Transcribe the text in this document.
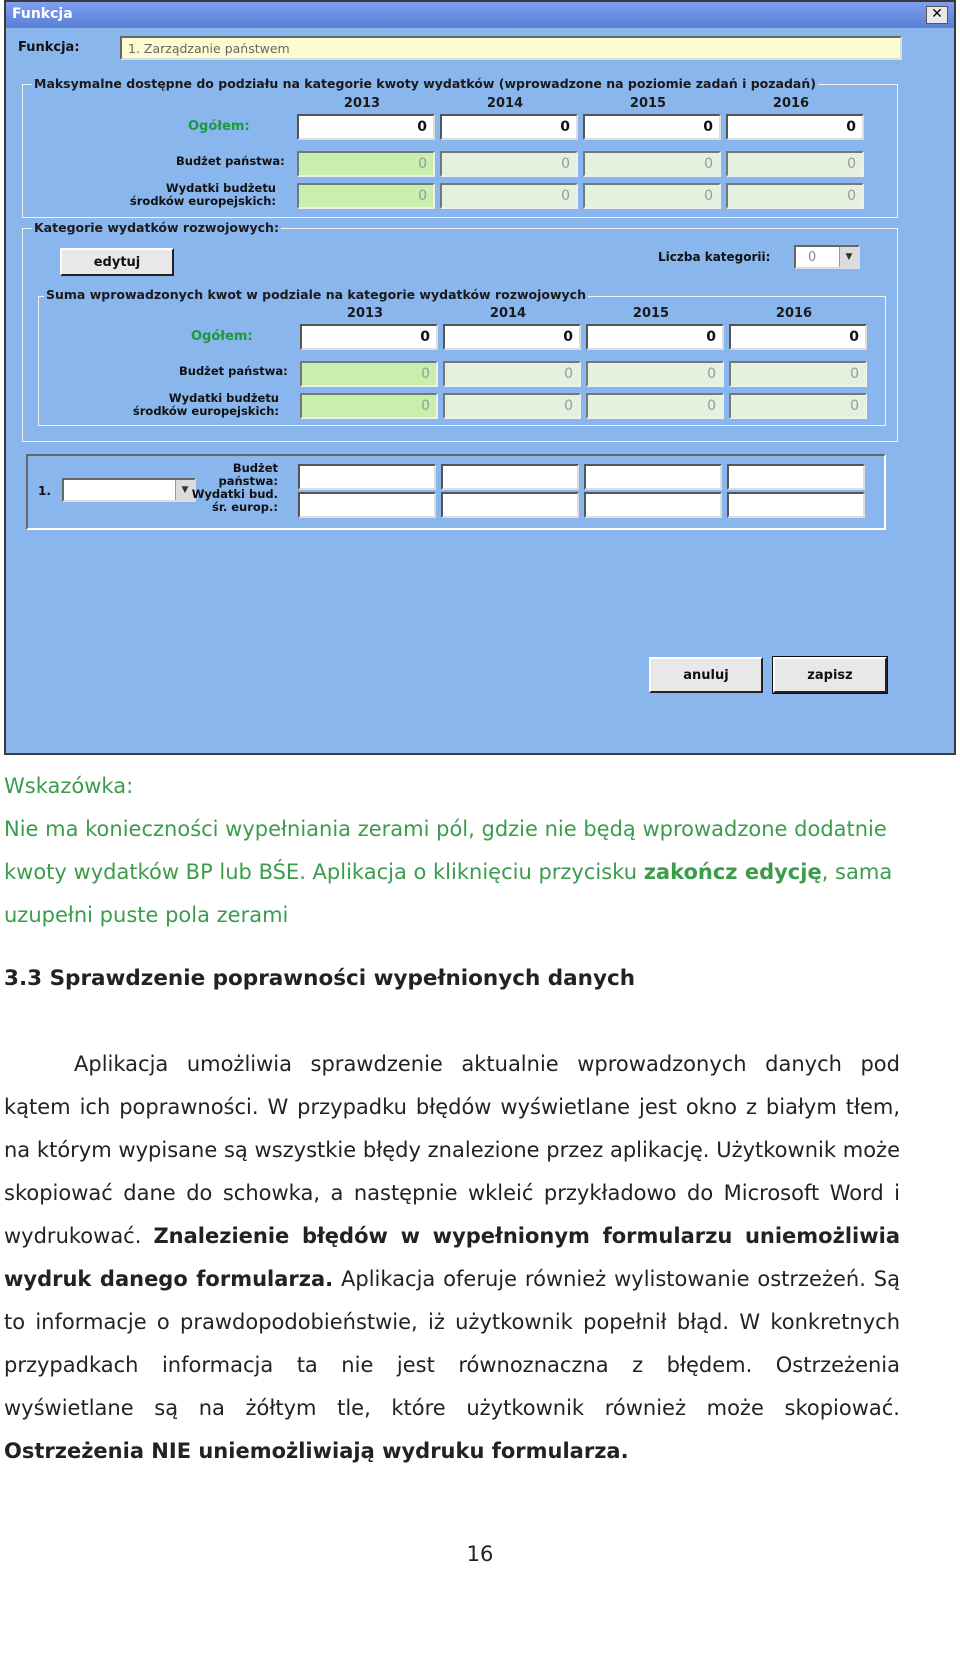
Funkcja	✕
Funkcja:	1. Zarządzanie państwem
Maksymalne dostępne do podziału na kategorie kwoty wydatków (wprowadzone na poziomie zadań i pozadań)
2013	2014	2015	2016
Ogółem:	0	0	0	0
Budżet państwa:	0	0	0	0
Wydatki budżetu
środków europejskich:	0	0	0	0
Kategorie wydatków rozwojowych:
edytuj	Liczba kategorii:	0	▼
Suma wprowadzonych kwot w podziale na kategorie wydatków rozwojowych
2013	2014	2015	2016
Ogółem:	0	0	0	0
Budżet państwa:	0	0	0	0
Wydatki budżetu
środków europejskich:	0	0	0	0
1.	▼
Budżet
państwa:
Wydatki bud.
śr. europ.:
anuluj	zapisz
Wskazówka:
Nie ma konieczności wypełniania zerami pól, gdzie nie będą wprowadzone dodatnie
kwoty wydatków BP lub BŚE. Aplikacja o kliknięciu przycisku zakończ edycję, sama
uzupełni puste pola zerami
3.3 Sprawdzenie poprawności wypełnionych danych
Aplikacja umożliwia sprawdzenie aktualnie wprowadzonych danych pod kątem ich poprawności. W przypadku błędów wyświetlane jest okno z białym tłem, na którym wypisane są wszystkie błędy znalezione przez aplikację. Użytkownik może skopiować dane do schowka, a następnie wkleić przykładowo do Microsoft Word i wydrukować. Znalezienie błędów w wypełnionym formularzu uniemożliwia wydruk danego formularza. Aplikacja oferuje również wylistowanie ostrzeżeń. Są to informacje o prawdopodobieństwie, iż użytkownik popełnił błąd. W konkretnych przypadkach informacja ta nie jest równoznaczna z błędem. Ostrzeżenia wyświetlane są na żółtym tle, które użytkownik również może skopiować. Ostrzeżenia NIE uniemożliwiają wydruku formularza.
16
